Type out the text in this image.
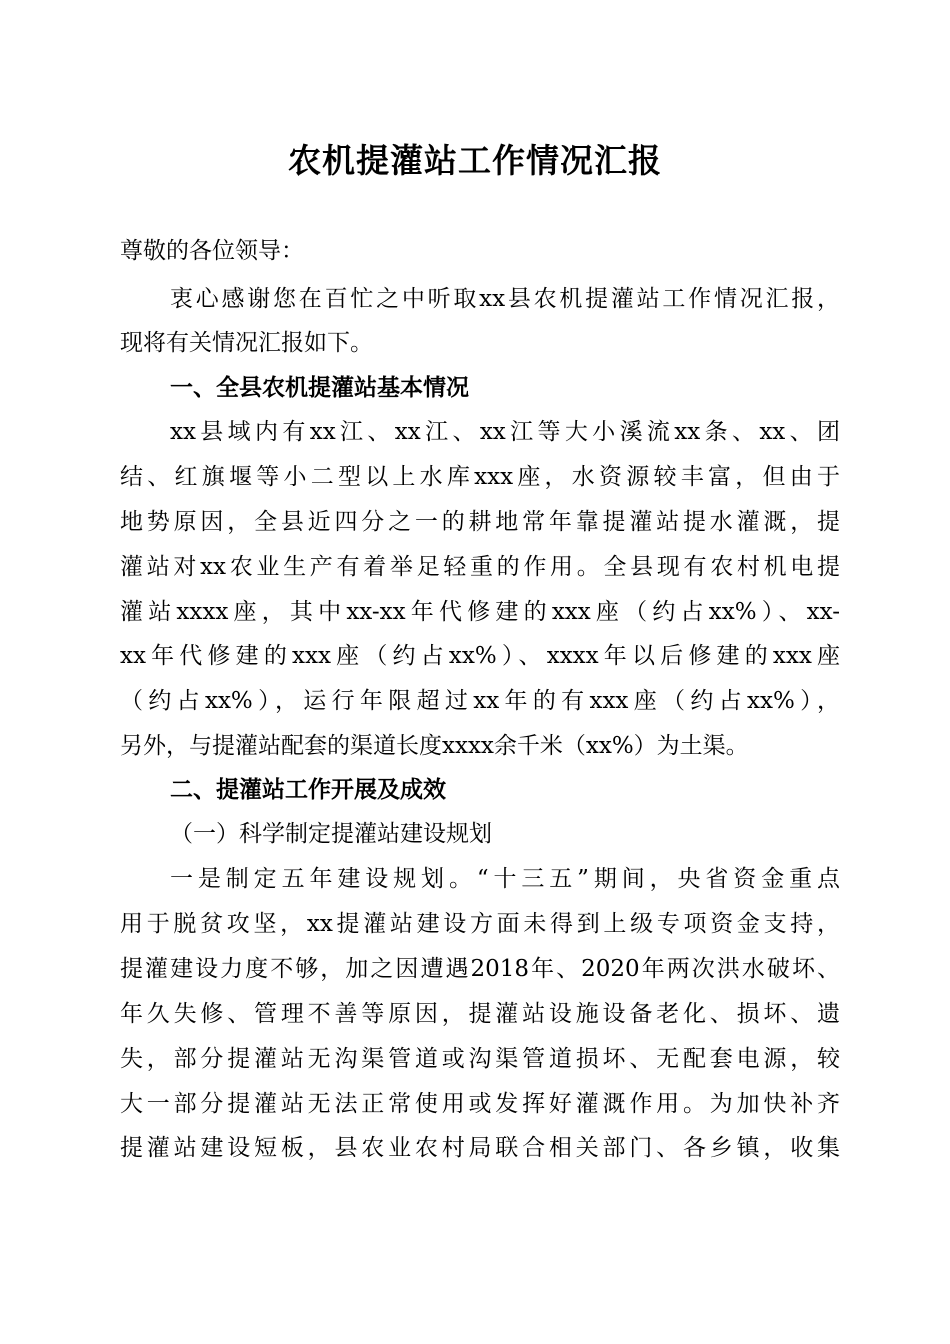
农机提灌站工作情况汇报
尊敬的各位领导：
衷心感谢您在百忙之中听取xx县农机提灌站工作情况汇报，
现将有关情况汇报如下。
一、全县农机提灌站基本情况
xx县域内有xx江、xx江、xx江等大小溪流xx条、xx、团
结、红旗堰等小二型以上水库xxx座，水资源较丰富，但由于
地势原因，全县近四分之一的耕地常年靠提灌站提水灌溉，提
灌站对xx农业生产有着举足轻重的作用。全县现有农村机电提
灌站xxxx座，其中xx-xx年代修建的xxx座（约占xx%）、xx-
xx年代修建的xxx座（约占xx%）、xxxx年以后修建的xxx座
（约占xx%），运行年限超过xx年的有xxx座（约占xx%），
另外，与提灌站配套的渠道长度xxxx余千米（xx%）为土渠。
二、提灌站工作开展及成效
（一）科学制定提灌站建设规划
一是制定五年建设规划。“十三五”期间，央省资金重点
用于脱贫攻坚，xx提灌站建设方面未得到上级专项资金支持，
提灌建设力度不够，加之因遭遇2018年、2020年两次洪水破坏、
年久失修、管理不善等原因，提灌站设施设备老化、损坏、遗
失，部分提灌站无沟渠管道或沟渠管道损坏、无配套电源，较
大一部分提灌站无法正常使用或发挥好灌溉作用。为加快补齐
提灌站建设短板，县农业农村局联合相关部门、各乡镇，收集
